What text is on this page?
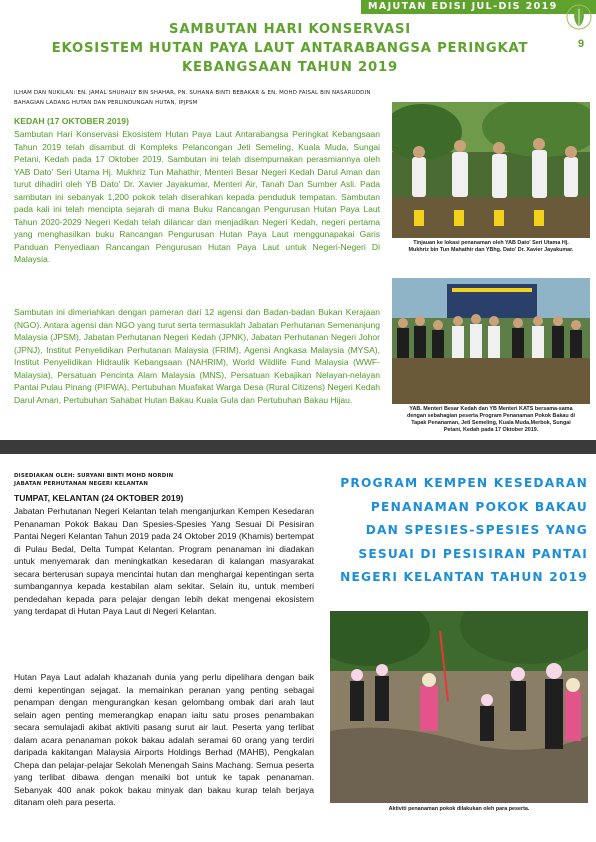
MAJUTAN EDISI JUL-DIS 2019
9
SAMBUTAN HARI KONSERVASI
EKOSISTEM HUTAN PAYA LAUT ANTARABANGSA PERINGKAT
KEBANGSAAN TAHUN 2019
ILHAM DAN NUKILAN: EN. JAMAL SHUHAILY BIN SHAHAR, PN. SUHANA BINTI BEBAKAR & EN. MOHD FAISAL BIN NASARUDDIN
BAHAGIAN LADANG HUTAN DAN PERLINDUNGAN HUTAN, IPJPSM
KEDAH (17 OKTOBER 2019)
Sambutan Hari Konservasi Ekosistem Hutan Paya Laut Antarabangsa Peringkat Kebangsaan Tahun 2019 telah disambut di Kompleks Pelancongan Jeti Semeling, Kuala Muda, Sungai Petani, Kedah pada 17 Oktober 2019. Sambutan ini telah disempurnakan perasmiannya oleh YAB Dato' Seri Utama Hj. Mukhriz Tun Mahathir, Menteri Besar Negeri Kedah Darul Aman dan turut dihadiri oleh YB Dato' Dr. Xavier Jayakumar, Menteri Air, Tanah Dan Sumber Asli. Pada sambutan ini sebanyak 1,200 pokok telah diserahkan kepada penduduk tempatan. Sambutan pada kali ini telah mencipta sejarah di mana Buku Rancangan Pengurusan Hutan Paya Laut Tahun 2020-2029 Negeri Kedah telah dilancar dan menjadikan Negeri Kedah, negeri pertama yang menghasilkan buku Rancangan Pengurusan Hutan Paya Laut menggunapakai Garis Panduan Penyediaan Rancangan Pengurusan Hutan Paya Laut untuk Negeri-Negeri Di Malaysia.
Sambutan ini dimeriahkan dengan pameran dari 12 agensi dan Badan-badan Bukan Kerajaan (NGO). Antara agensi dan NGO yang turut serta termasuklah Jabatan Perhutanan Semenanjung Malaysia (JPSM), Jabatan Perhutanan Negeri Kedah (JPNK), Jabatan Perhutanan Negeri Johor (JPNJ), Institut Penyelidikan Perhutanan Malaysia (FRIM), Agensi Angkasa Malaysia (MYSA), Institut Penyelidikan Hidraulik Kebangsaan (NAHRIM), World Wildlife Fund Malaysia (WWF-Malaysia), Persatuan Pencinta Alam Malaysia (MNS), Persatuan Kebajikan Nelayan-nelayan Pantai Pulau Pinang (PIFWA), Pertubuhan Muafakat Warga Desa (Rural Citizens) Negeri Kedah Darul Aman, Pertubuhan Sahabat Hutan Bakau Kuala Gula dan Pertubuhan Bakau Hijau.
Tinjauan ke lokasi penanaman oleh YAB Dato' Seri Utama Hj.
Mukhriz bin Tun Mahathir dan YBhg. Dato' Dr. Xavier Jayakumar.
YAB. Menteri Besar Kedah dan YB Menteri KATS bersama-sama
dengan sebahagian peserta Program Penanaman Pokok Bakau di
Tapak Penanaman, Jeti Semeling, Kuala Muda,Merbok, Sungai
Petani, Kedah pada 17 Oktober 2019.
DISEDIAKAN OLEH: SURYANI BINTI MOHD NORDIN
JABATAN PERHUTANAN NEGERI KELANTAN
TUMPAT, KELANTAN (24 OKTOBER 2019)
PROGRAM KEMPEN KESEDARAN
PENANAMAN POKOK BAKAU
DAN SPESIES-SPESIES YANG
SESUAI DI PESISIRAN PANTAI
NEGERI KELANTAN TAHUN 2019
Jabatan Perhutanan Negeri Kelantan telah menganjurkan Kempen Kesedaran Penanaman Pokok Bakau Dan Spesies-Spesies Yang Sesuai Di Pesisiran Pantai Negeri Kelantan Tahun 2019 pada 24 Oktober 2019 (Khamis) bertempat di Pulau Bedal, Delta Tumpat Kelantan. Program penanaman ini diadakan untuk menyemarak dan meningkatkan kesedaran di kalangan masyarakat secara berterusan supaya mencintai hutan dan menghargai kepentingan serta sumbangannya kepada kestabilan alam sekitar. Selain itu, untuk memberi pendedahan kepada para pelajar dengan lebih dekat mengenai ekosistem yang terdapat di Hutan Paya Laut di Negeri Kelantan.
Hutan Paya Laut adalah khazanah dunia yang perlu dipelihara dengan baik demi kepentingan sejagat. Ia memainkan peranan yang penting sebagai penampan dengan mengurangkan kesan gelombang ombak dari arah laut selain agen penting memerangkap enapan iaitu satu proses penambakan secara semulajadi akibat aktiviti pasang surut air laut. Peserta yang terlibat dalam acara penanaman pokok bakau adalah seramai 60 orang yang terdiri daripada kakitangan Malaysia Airports Holdings Berhad (MAHB), Pengkalan Chepa dan pelajar-pelajar Sekolah Menengah Sains Machang. Semua peserta yang terlibat dibawa dengan menaiki bot untuk ke tapak penanaman. Sebanyak 400 anak pokok bakau minyak dan bakau kurap telah berjaya ditanam oleh para peserta.
Aktiviti penanaman pokok dilakukan oleh para peserta.
